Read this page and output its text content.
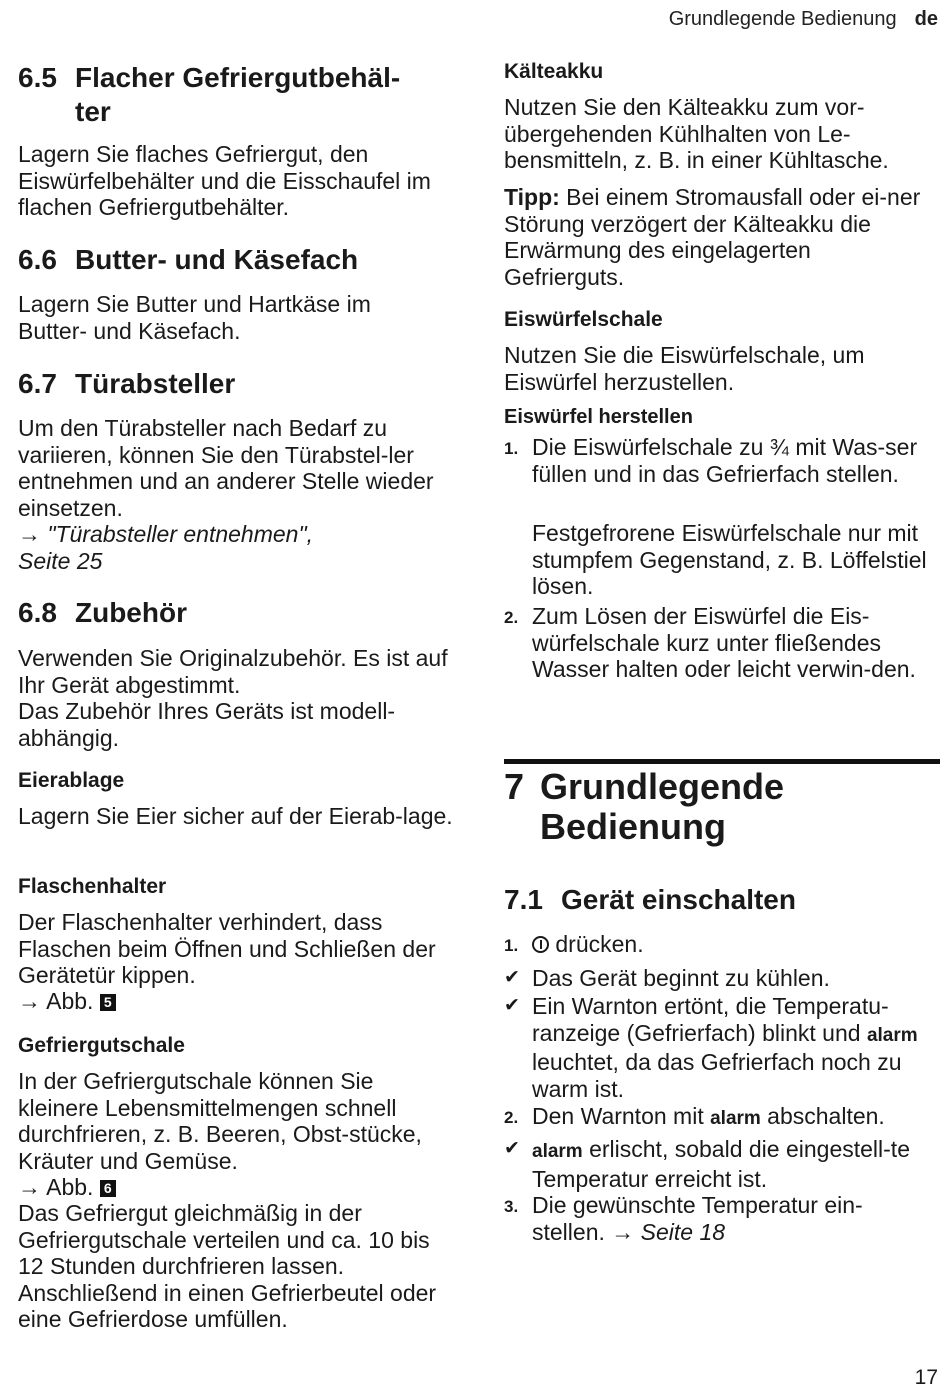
Grundlegende Bedienung de
6.5 Flacher Gefriergutbehäl-ter

Lagern Sie flaches Gefriergut, den Eiswürfelbehälter und die Eisschaufel im flachen Gefriergutbehälter.

6.6 Butter- und Käsefach

Lagern Sie Butter und Hartkäse im Butter- und Käsefach.

6.7 Türabsteller

Um den Türabsteller nach Bedarf zu variieren, können Sie den Türabstel-ler entnehmen und an anderer Stelle wieder einsetzen.

→ "Türabsteller entnehmen", Seite 25

6.8 Zubehör

Verwenden Sie Originalzubehör. Es ist auf Ihr Gerät abgestimmt.

Das Zubehör Ihres Geräts ist modell-abhängig.

Eierablage

Lagern Sie Eier sicher auf der Eierab-lage.

Flaschenhalter

Der Flaschenhalter verhindert, dass Flaschen beim Öffnen und Schließen der Gerätetür kippen.

→ Abb. 5

Gefriergutschale

In der Gefriergutschale können Sie kleinere Lebensmittelmengen schnell durchfrieren, z. B. Beeren, Obst-stücke, Kräuter und Gemüse.

→ Abb. 6

Das Gefriergut gleichmäßig in der Gefriergutschale verteilen und ca. 10 bis 12 Stunden durchfrieren lassen. Anschließend in einen Gefrierbeutel oder eine Gefrierdose umfüllen.

Kälteakku

Nutzen Sie den Kälteakku zum vor-übergehenden Kühlhalten von Le-bensmitteln, z. B. in einer Kühltasche.

Tipp: Bei einem Stromausfall oder ei-ner Störung verzögert der Kälteakku die Erwärmung des eingelagerten Gefrierguts.

Eiswürfelschale

Nutzen Sie die Eiswürfelschale, um Eiswürfel herzustellen.

Eiswürfel herstellen
1. Die Eiswürfelschale zu ¾ mit Was-ser füllen und in das Gefrierfach stellen.

Festgefrorene Eiswürfelschale nur mit stumpfem Gegenstand, z. B. Löffelstiel lösen.

2. Zum Lösen der Eiswürfel die Eis-würfelschale kurz unter fließendes Wasser halten oder leicht verwin-den.
7 Grundlegende Bedienung
7.1 Gerät einschalten
1.	drücken.
✔ Das Gerät beginnt zu kühlen.
✔ Ein Warnton ertönt, die Temperatu-ranzeige (Gefrierfach) blinkt und alarm leuchtet, da das Gefrierfach noch zu warm ist.
2. Den Warnton mit alarm abschalten.
✔ alarm erlischt, sobald die eingestell-te Temperatur erreicht ist.
3. Die gewünschte Temperatur ein-stellen. → Seite 18
17
